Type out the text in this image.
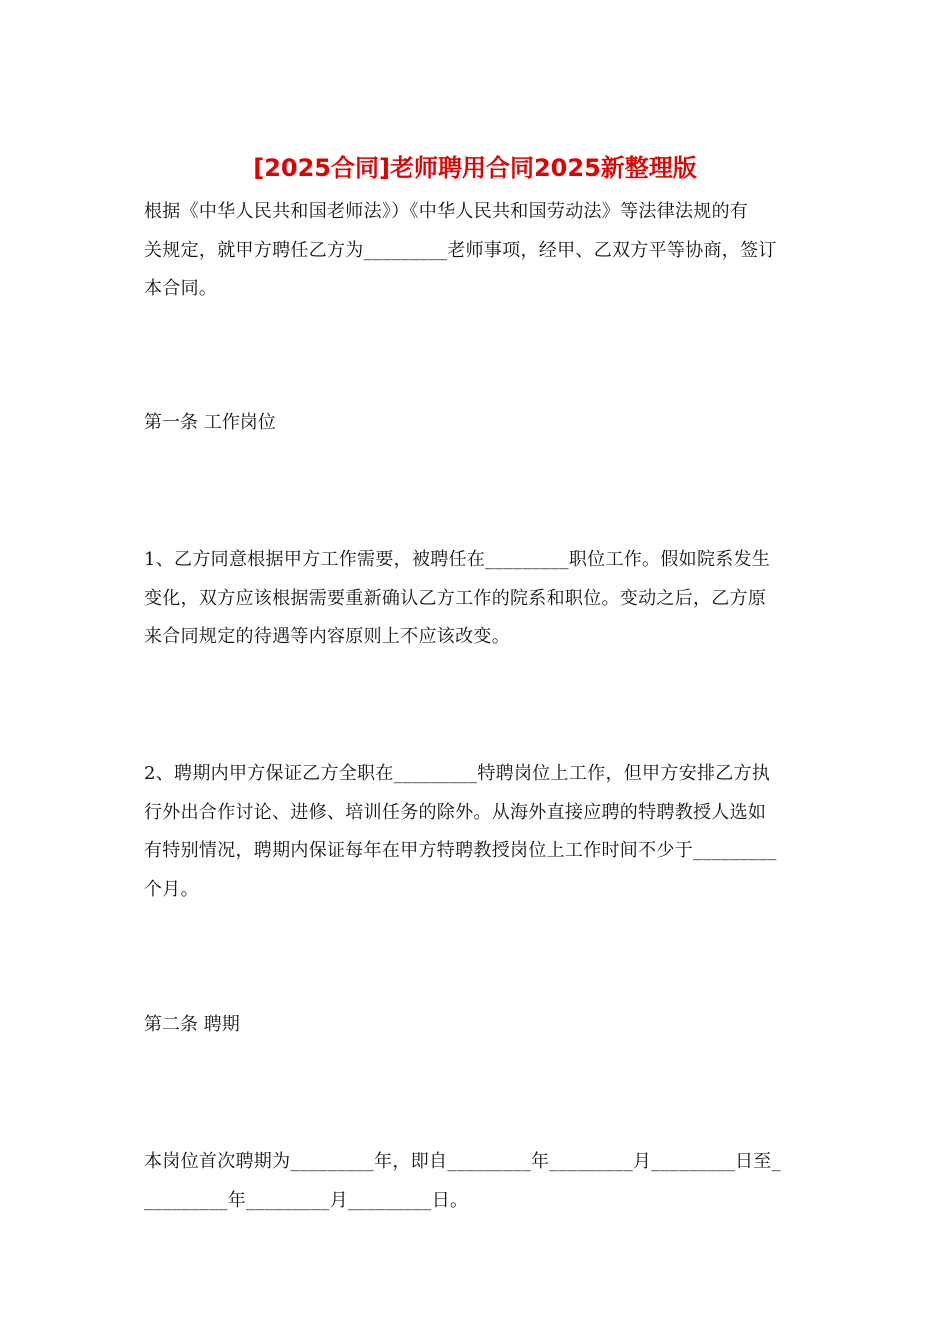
[2025合同]老师聘用合同2025新整理版
根据《中华人民共和国老师法》）《中华人民共和国劳动法》等法律法规的有
关规定，就甲方聘任乙方为_________老师事项，经甲、乙双方平等协商，签订
本合同。
第一条 工作岗位
1、乙方同意根据甲方工作需要，被聘任在_________职位工作。假如院系发生
变化，双方应该根据需要重新确认乙方工作的院系和职位。变动之后，乙方原
来合同规定的待遇等内容原则上不应该改变。
2、聘期内甲方保证乙方全职在_________特聘岗位上工作，但甲方安排乙方执
行外出合作讨论、进修、培训任务的除外。从海外直接应聘的特聘教授人选如
有特别情况，聘期内保证每年在甲方特聘教授岗位上工作时间不少于_________
个月。
第二条 聘期
本岗位首次聘期为_________年，即自_________年_________月_________日至_
_________年_________月_________日。
